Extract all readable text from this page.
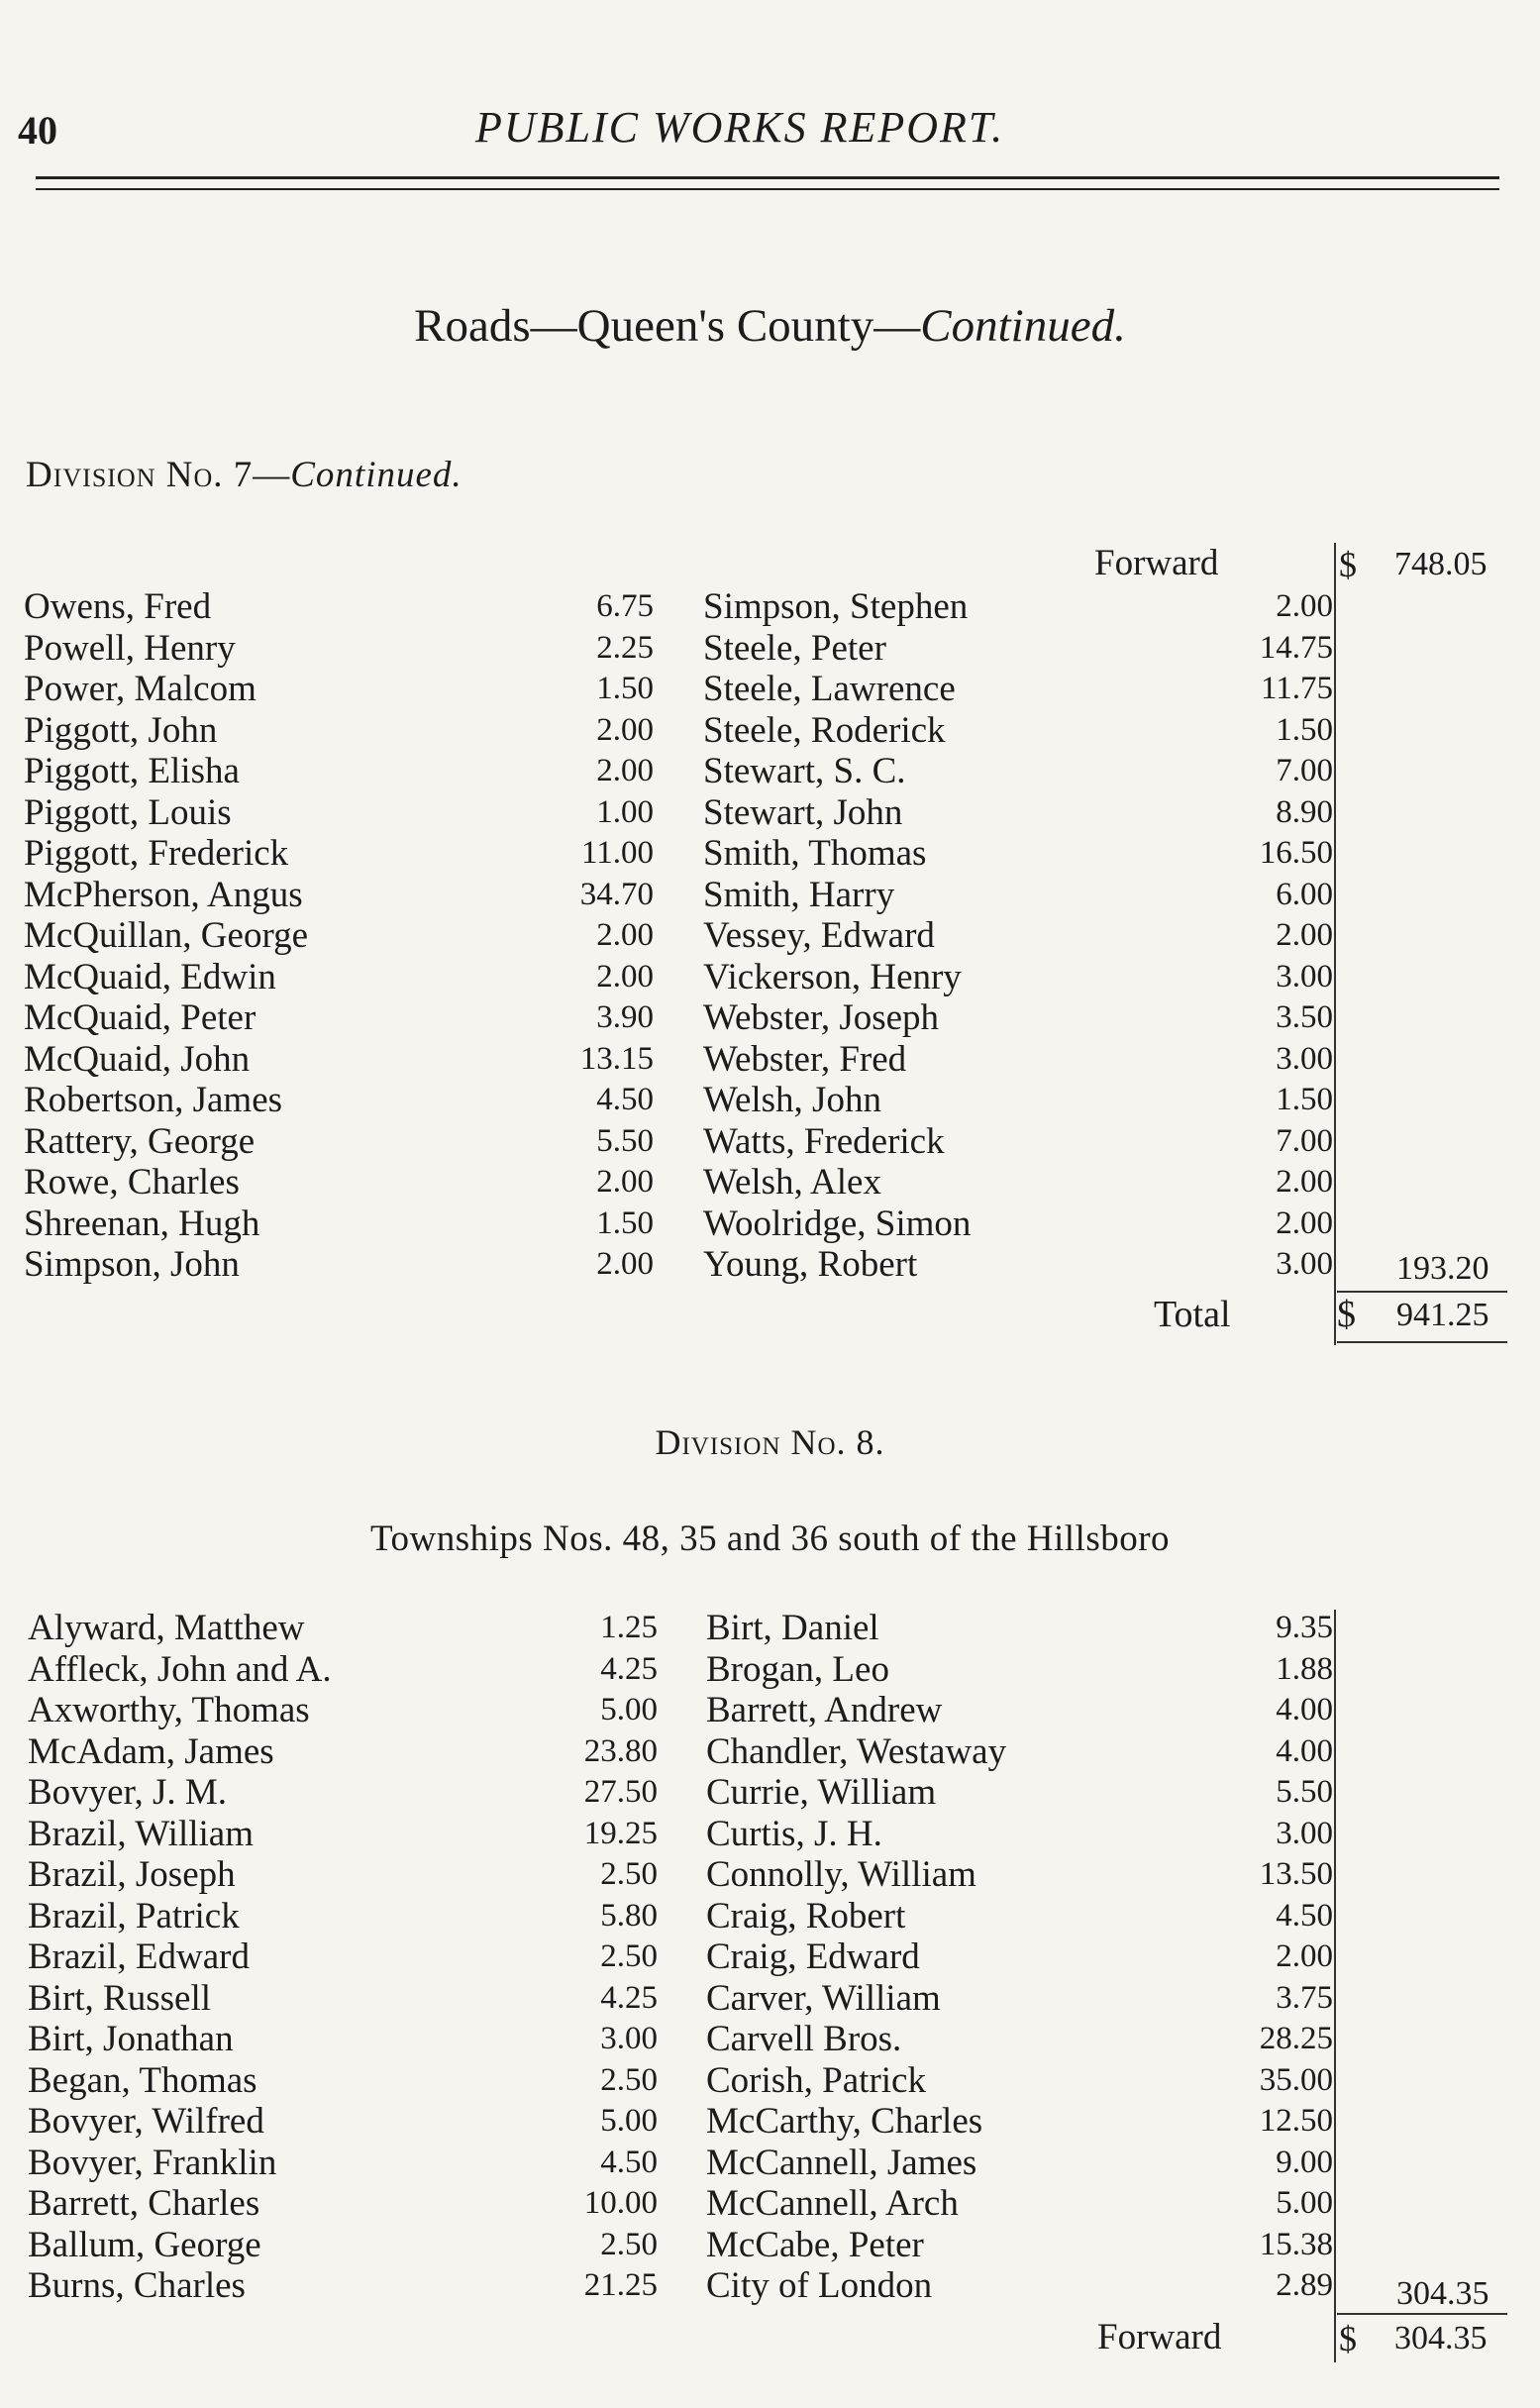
40	PUBLIC WORKS REPORT.
Roads—Queen's County—Continued.
Division No. 7—Continued.
Forward	$ 748.05
Owens, Fred	6.75
Powell, Henry	2.25
Power, Malcom	1.50
Piggott, John	2.00
Piggott, Elisha	2.00
Piggott, Louis	1.00
Piggott, Frederick	11.00
McPherson, Angus	34.70
McQuillan, George	2.00
McQuaid, Edwin	2.00
McQuaid, Peter	3.90
McQuaid, John	13.15
Robertson, James	4.50
Rattery, George	5.50
Rowe, Charles	2.00
Shreenan, Hugh	1.50
Simpson, John	2.00
Simpson, Stephen	2.00
Steele, Peter	14.75
Steele, Lawrence	11.75
Steele, Roderick	1.50
Stewart, S. C.	7.00
Stewart, John	8.90
Smith, Thomas	16.50
Smith, Harry	6.00
Vessey, Edward	2.00
Vickerson, Henry	3.00
Webster, Joseph	3.50
Webster, Fred	3.00
Welsh, John	1.50
Watts, Frederick	7.00
Welsh, Alex	2.00
Woolridge, Simon	2.00
Young, Robert	3.00 193.20
Total	$ 941.25
Division No. 8.
Townships Nos. 48, 35 and 36 south of the Hillsboro
Alyward, Matthew	1.25
Affleck, John and A.	4.25
Axworthy, Thomas	5.00
McAdam, James	23.80
Bovyer, J. M.	27.50
Brazil, William	19.25
Brazil, Joseph	2.50
Brazil, Patrick	5.80
Brazil, Edward	2.50
Birt, Russell	4.25
Birt, Jonathan	3.00
Began, Thomas	2.50
Bovyer, Wilfred	5.00
Bovyer, Franklin	4.50
Barrett, Charles	10.00
Ballum, George	2.50
Burns, Charles	21.25
Birt, Daniel	9.35
Brogan, Leo	1.88
Barrett, Andrew	4.00
Chandler, Westaway	4.00
Currie, William	5.50
Curtis, J. H.	3.00
Connolly, William	13.50
Craig, Robert	4.50
Craig, Edward	2.00
Carver, William	3.75
Carvell Bros.	28.25
Corish, Patrick	35.00
McCarthy, Charles	12.50
McCannell, James	9.00
McCannell, Arch	5.00
McCabe, Peter	15.38
City of London	2.89 304.35
Forward	$ 304.35
